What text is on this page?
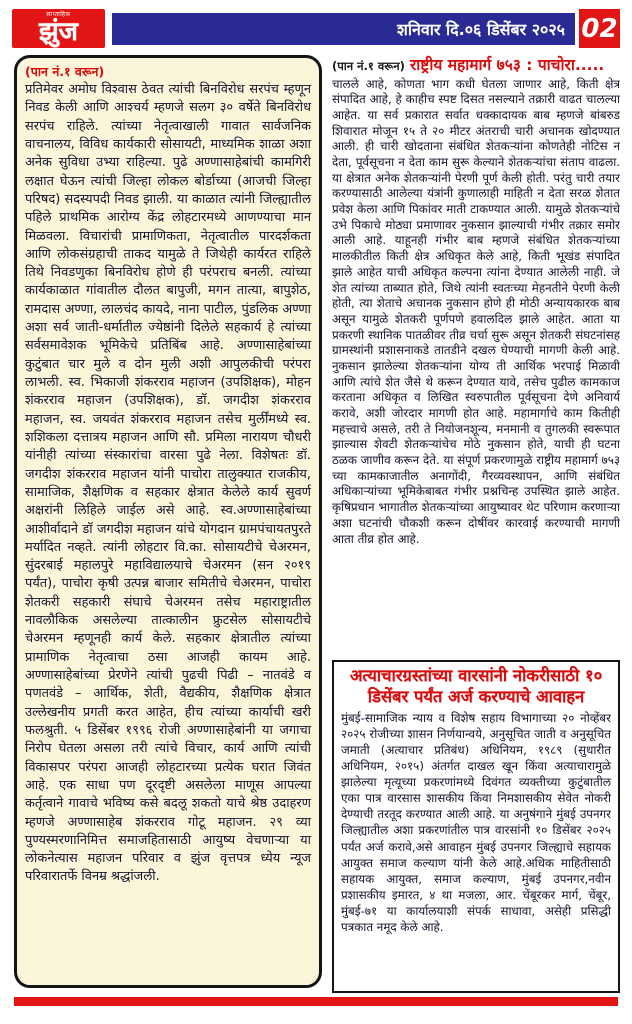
साप्ताहिक
झुंज	शनिवार दि.०६ डिसेंबर २०२५ 02
(पान नं.१ वरून)
प्रतिमेवर अमोघ विश्वास ठेवत त्यांची बिनविरोध सरपंच म्हणून निवड केली आणि आश्चर्य म्हणजे सलग ३० वर्षेते बिनविरोध सरपंच राहिले. त्यांच्या नेतृत्वाखाली गावात सार्वजनिक वाचनालय, विविध कार्यकारी सोसायटी, माध्यमिक शाळा अशा अनेक सुविधा उभ्या राहिल्या. पुढे अण्णासाहेबांची कामगिरी लक्षात घेऊन त्यांची जिल्हा लोकल बोर्डाच्या (आजची जिल्हा परिषद) सदस्यपदी निवड झाली. या काळात त्यांनी जिल्ह्यातील पहिले प्राथमिक आरोग्य केंद्र लोहटारमध्ये आणण्याचा मान मिळवला. विचारांची प्रामाणिकता, नेतृत्वातील पारदर्शकता आणि लोकसंग्रहाची ताकद यामुळे ते जिथेही कार्यरत राहिले तिथे निवडणुका बिनविरोध होणे ही परंपराच बनली. त्यांच्या कार्यकाळात गांवातील दौलत बापुजी, मगन तात्या, बापुशेठ, रामदास अण्णा, लालचंद कायदे, नाना पाटील, पुंडलिक अण्णा अशा सर्व जाती-धर्मातील ज्येष्ठांनी दिलेले सहकार्य हे त्यांच्या सर्वसमावेशक भूमिकेचे प्रतिबिंब आहे. अण्णासाहेबांच्या कुटुंबात चार मुले व दोन मुली अशी आपुलकीची परंपरा लाभली. स्व. भिकाजी शंकरराव महाजन (उपशिक्षक), मोहन शंकरराव महाजन (उपशिक्षक), डॉ. जगदीश शंकरराव महाजन, स्व. जयवंत शंकरराव महाजन तसेच मुर्लींमध्ये स्व. शशिकला दत्तात्रय महाजन आणि सौ. प्रमिला नारायण चौधरी यांनीही त्यांच्या संस्कारांचा वारसा पुढे नेला. विशेषतः डॉ. जगदीश शंकरराव महाजन यांनी पाचोरा तालुक्यात राजकीय, सामाजिक, शैक्षणिक व सहकार क्षेत्रात केलेले कार्य सुवर्ण अक्षरांनी लिहिले जाईल असे आहे. स्व.अण्णासाहेबांच्या आशीर्वादाने डॉ जगदीश महाजन यांचे योगदान ग्रामपंचायतपुरते मर्यादित नव्हते. त्यांनी लोहटार वि.का. सोसायटीचे चेअरमन, सुंदरबाई महालपुरे महाविद्यालयाचे चेअरमन (सन २०१९ पर्यंत), पाचोरा कृषी उत्पन्न बाजार समितीचे चेअरमन, पाचोरा शेतकरी सहकारी संघाचे चेअरमन तसेच महाराष्ट्रातील नावलौकिक असलेल्या तात्कालीन फ्रुटसेल सोसायटीचे चेअरमन म्हणूनही कार्य केले. सहकार क्षेत्रातील त्यांच्या प्रामाणिक नेतृत्वाचा ठसा आजही कायम आहे. अण्णासाहेबांच्या प्रेरणेने त्यांची पुढची पिढी – नातवंडे व पणतवंडे – आर्थिक, शेती, वैद्यकीय, शैक्षणिक क्षेत्रात उल्लेखनीय प्रगती करत आहेत, हीच त्यांच्या कार्याची खरी फलश्रुती. ५ डिसेंबर १९९६ रोजी अण्णासाहेबांनी या जगाचा निरोप घेतला असला तरी त्यांचे विचार, कार्य आणि त्यांची विकासपर परंपरा आजही लोहटारच्या प्रत्येक घरात जिवंत आहे. एक साधा पण दूरदृष्टी असलेला माणूस आपल्या कर्तृत्वाने गावाचे भविष्य कसे बदलू शकतो याचे श्रेष्ठ उदाहरण म्हणजे अण्णासाहेब शंकरराव गोटू महाजन. २९ व्या पुण्यस्मरणानिमित्त समाजहितासाठी आयुष्य वेचणाऱ्या या लोकनेत्यास महाजन परिवार व झुंज वृत्तपत्र ध्येय न्यूज परिवारातर्फे विनम्र श्रद्धांजली.
(पान नं.१ वरून) राष्ट्रीय महामार्ग ७५३ : पाचोरा.....
चालले आहे, कोणता भाग कधी घेतला जाणार आहे, किती क्षेत्र संपादित आहे, हे काहीच स्पष्ट दिसत नसल्याने तक्रारी वाढत चालल्या आहेत. या सर्व प्रकारात सर्वात धक्कादायक बाब म्हणजे बांबरुड शिवारात मोजून १५ ते २० मीटर अंतराची चारी अचानक खोदण्यात आली. ही चारी खोदताना संबंधित शेतकऱ्यांना कोणतेही नोटिस न देता, पूर्वसूचना न देता काम सुरू केल्याने शेतकऱ्यांचा संताप वाढला. या क्षेत्रात अनेक शेतकऱ्यांनी पेरणी पूर्ण केली होती. परंतु चारी तयार करण्यासाठी आलेल्या यंत्रांनी कुणालाही माहिती न देता सरळ शेतात प्रवेश केला आणि पिकांवर माती टाकण्यात आली. यामुळे शेतकऱ्यांचे उभे पिकाचे मोठ्या प्रमाणावर नुकसान झाल्याची गंभीर तक्रार समोर आली आहे. याहूनही गंभीर बाब म्हणजे संबंधित शेतकऱ्यांच्या मालकीतील किती क्षेत्र अधिकृत केले आहे, किती भूखंड संपादित झाले आहेत याची अधिकृत कल्पना त्यांना देण्यात आलेली नाही. जे शेत त्यांच्या ताब्यात होते, जिथे त्यांनी स्वतःच्या मेहनतीने पेरणी केली होती, त्या शेताचे अचानक नुकसान होणे ही मोठी अन्यायकारक बाब असून यामुळे शेतकरी पूर्णपणे हवालदिल झाले आहेत. आता या प्रकरणी स्थानिक पातळीवर तीव्र चर्चा सुरू असून शेतकरी संघटनांसह ग्रामस्थांनी प्रशासनाकडे तातडीने दखल घेण्याची मागणी केली आहे. नुकसान झालेल्या शेतकऱ्यांना योग्य ती आर्थिक भरपाई मिळावी आणि त्यांचे शेत जैसे थे करून देण्यात यावे, तसेच पुढील कामकाज करताना अधिकृत व लिखित स्वरुपातील पूर्वसूचना देणे अनिवार्य करावे, अशी जोरदार मागणी होत आहे. महामार्गाचे काम कितीही महत्त्वाचे असले, तरी ते नियोजनशून्य, मनमानी व तुगलकी स्वरूपात झाल्यास शेवटी शेतकऱ्यांचेच मोठे नुकसान होते, याची ही घटना ठळक जाणीव करून देते. या संपूर्ण प्रकरणामुळे राष्ट्रीय महामार्ग ७५३ च्या कामकाजातील अनागोंदी, गैरव्यवस्थापन, आणि संबंधित अधिकाऱ्यांच्या भूमिकेबाबत गंभीर प्रश्नचिन्ह उपस्थित झाले आहेत. कृषिप्रधान भागातील शेतकऱ्यांच्या आयुष्यावर थेट परिणाम करणाऱ्या अशा घटनांची चौकशी करून दोषींवर कारवाई करण्याची मागणी आता तीव्र होत आहे.
अत्याचारग्रस्तांच्या वारसांनी नोकरीसाठी १० डिसेंबर पर्यंत अर्ज करण्याचे आवाहन
मुंबई-सामाजिक न्याय व विशेष सहाय विभागाच्या २० नोव्हेंबर २०२५ रोजीच्या शासन निर्णयान्वये, अनुसूचित जाती व अनुसूचित जमाती (अत्याचार प्रतिबंध) अधिनियम, १९८९ (सुधारीत अधिनियम, २०१५) अंतर्गत दाखल खून किंवा अत्याचारामुळे झालेल्या मृत्यूच्या प्रकरणांमध्ये दिवंगत व्यक्तीच्या कुटुंबातील एका पात्र वारसास शासकीय किंवा निमशासकीय सेवेत नोकरी देण्याची तरतूद करण्यात आली आहे. या अनुषंगाने मुंबई उपनगर जिल्ह्यातील अशा प्रकरणांतील पात्र वारसांनी १० डिसेंबर २०२५ पर्यंत अर्ज करावे,असे आवाहन मुंबई उपनगर जिल्ह्याचे सहायक आयुक्त समाज कल्याण यांनी केले आहे.अधिक माहितीसाठी सहायक आयुक्त, समाज कल्याण, मुंबई उपनगर,नवीन प्रशासकीय इमारत, ४ था मजला, आर. चेंबूरकर मार्ग, चेंबूर, मुंबई-७१ या कार्यालयाशी संपर्क साधावा, असेही प्रसिद्धी पत्रकात नमूद केले आहे.
